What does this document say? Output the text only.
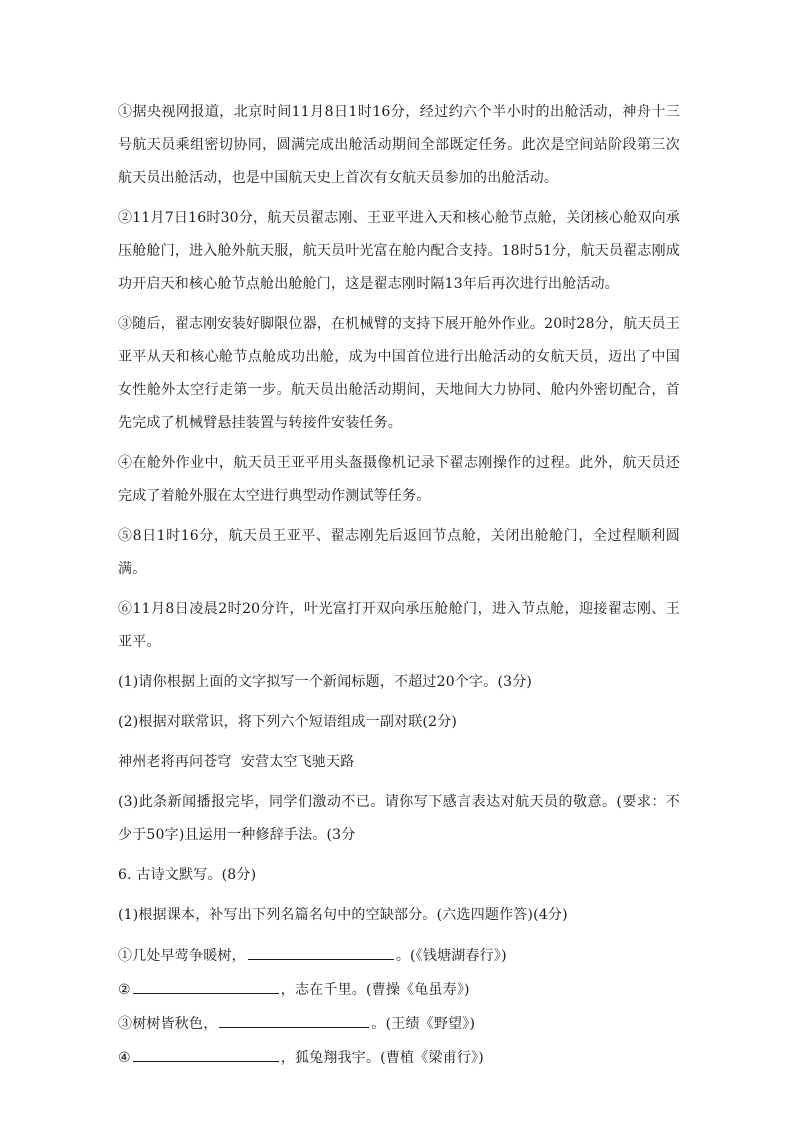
①据央视网报道，北京时间11月8日1时16分，经过约六个半小时的出舱活动，神舟十三号航天员乘组密切协同，圆满完成出舱活动期间全部既定任务。此次是空间站阶段第三次航天员出舱活动，也是中国航天史上首次有女航天员参加的出舱活动。

②11月7日16时30分，航天员翟志刚、王亚平进入天和核心舱节点舱，关闭核心舱双向承压舱舱门，进入舱外航天服，航天员叶光富在舱内配合支持。18时51分，航天员翟志刚成功开启天和核心舱节点舱出舱舱门，这是翟志刚时隔13年后再次进行出舱活动。

③随后，翟志刚安装好脚限位器，在机械臂的支持下展开舱外作业。20时28分，航天员王亚平从天和核心舱节点舱成功出舱，成为中国首位进行出舱活动的女航天员，迈出了中国女性舱外太空行走第一步。航天员出舱活动期间，天地间大力协同、舱内外密切配合，首先完成了机械臂悬挂装置与转接件安装任务。

④在舱外作业中，航天员王亚平用头盔摄像机记录下翟志刚操作的过程。此外，航天员还完成了着舱外服在太空进行典型动作测试等任务。

⑤8日1时16分，航天员王亚平、翟志刚先后返回节点舱，关闭出舱舱门，全过程顺利圆满。

⑥11月8日凌晨2时20分许，叶光富打开双向承压舱舱门，进入节点舱，迎接翟志刚、王亚平。

(1)请你根据上面的文字拟写一个新闻标题，不超过20个字。(3分)

(2)根据对联常识，将下列六个短语组成一副对联(2分)

神州老将再问苍穹  安营太空飞驰天路

(3)此条新闻播报完毕，同学们激动不已。请你写下感言表达对航天员的敬意。(要求：不少于50字)且运用一种修辞手法。(3分

6. 古诗文默写。(8分)

(1)根据课本，补写出下列名篇名句中的空缺部分。(六选四题作答)(4分)

①几处早莺争暖树，	。(《钱塘湖春行》)

②	，志在千里。(曹操《龟虽寿》)

③树树皆秋色，	。(王绩《野望》)

④	，狐兔翔我宇。(曹植《梁甫行》)
